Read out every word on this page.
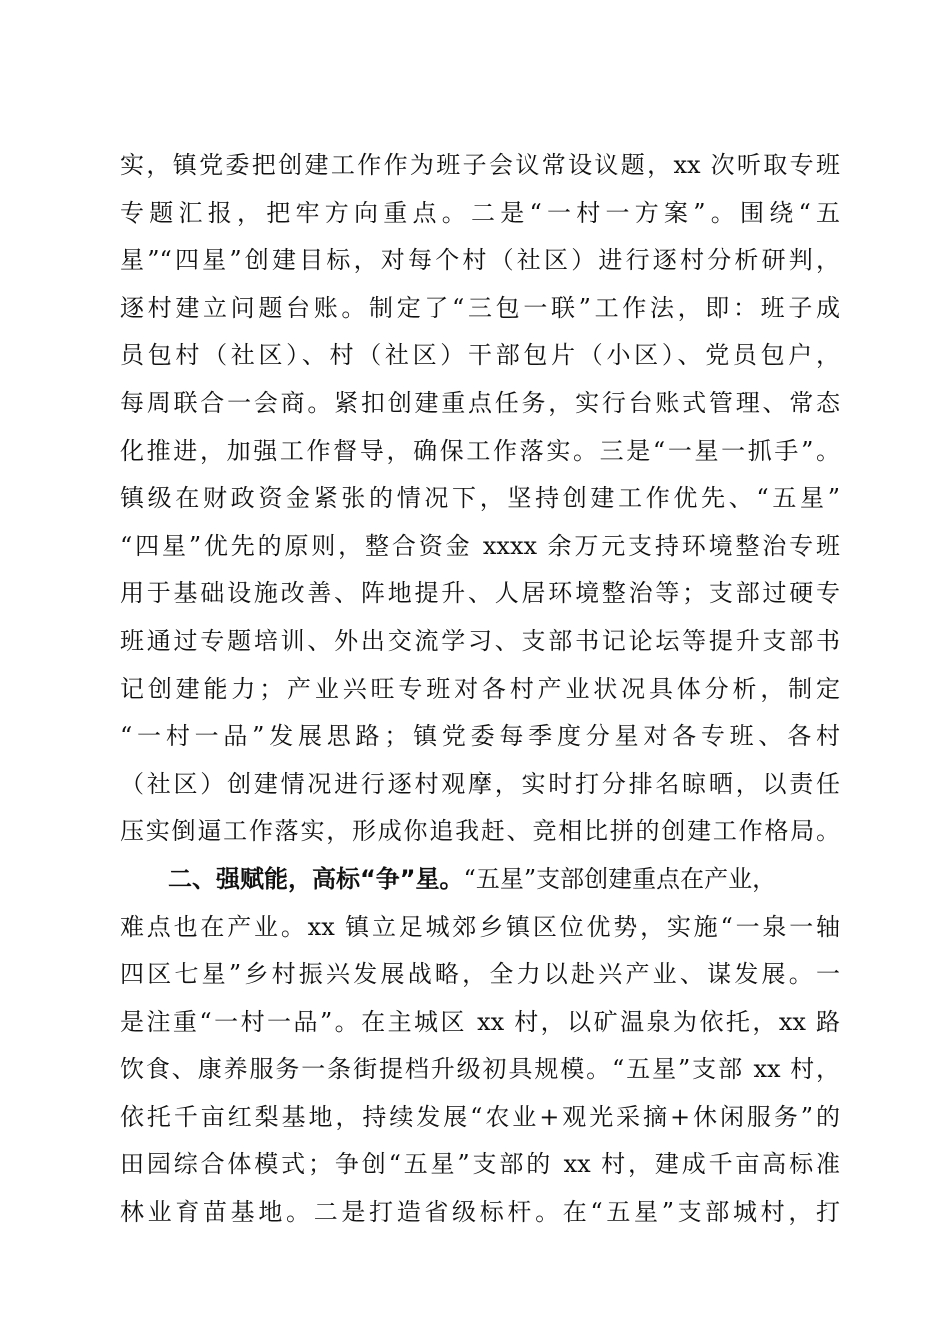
实，镇党委把创建工作作为班子会议常设议题，xx 次听取专班
专题汇报，把牢方向重点。二是“一村一方案”。围绕“五
星”“四星”创建目标，对每个村（社区）进行逐村分析研判，
逐村建立问题台账。制定了“三包一联”工作法，即：班子成
员包村（社区）、村（社区）干部包片（小区）、党员包户，
每周联合一会商。紧扣创建重点任务，实行台账式管理、常态
化推进，加强工作督导，确保工作落实。三是“一星一抓手”。
镇级在财政资金紧张的情况下，坚持创建工作优先、“五星”
“四星”优先的原则，整合资金 xxxx 余万元支持环境整治专班
用于基础设施改善、阵地提升、人居环境整治等；支部过硬专
班通过专题培训、外出交流学习、支部书记论坛等提升支部书
记创建能力；产业兴旺专班对各村产业状况具体分析，制定
“一村一品”发展思路；镇党委每季度分星对各专班、各村
（社区）创建情况进行逐村观摩，实时打分排名晾晒，以责任
压实倒逼工作落实，形成你追我赶、竞相比拼的创建工作格局。
二、强赋能，高标“争”星。“五星”支部创建重点在产业，
难点也在产业。xx 镇立足城郊乡镇区位优势，实施“一泉一轴
四区七星”乡村振兴发展战略，全力以赴兴产业、谋发展。一
是注重“一村一品”。在主城区 xx 村，以矿温泉为依托，xx 路
饮食、康养服务一条街提档升级初具规模。“五星”支部 xx 村，
依托千亩红梨基地，持续发展“农业+观光采摘+休闲服务”的
田园综合体模式；争创“五星”支部的 xx 村，建成千亩高标准
林业育苗基地。二是打造省级标杆。在“五星”支部城村，打
